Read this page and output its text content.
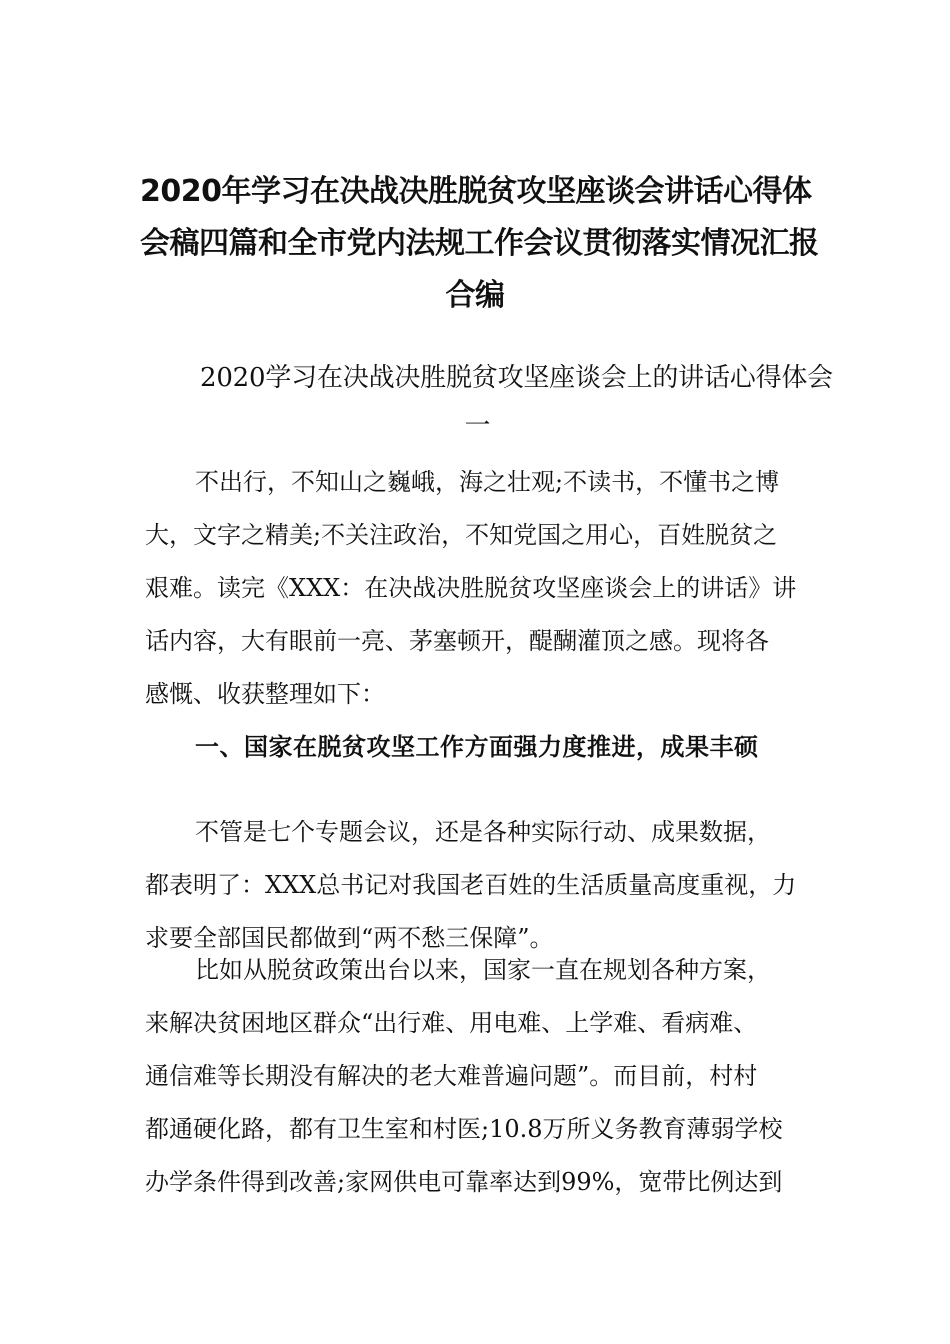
2020年学习在决战决胜脱贫攻坚座谈会讲话心得体
会稿四篇和全市党内法规工作会议贯彻落实情况汇报
合编
2020学习在决战决胜脱贫攻坚座谈会上的讲话心得体会
一
不出行，不知山之巍峨，海之壮观;不读书，不懂书之博
大，文字之精美;不关注政治，不知党国之用心，百姓脱贫之
艰难。读完《XXX：在决战决胜脱贫攻坚座谈会上的讲话》讲
话内容，大有眼前一亮、茅塞顿开，醍醐灌顶之感。现将各
感慨、收获整理如下：
一、国家在脱贫攻坚工作方面强力度推进，成果丰硕
不管是七个专题会议，还是各种实际行动、成果数据，
都表明了：XXX总书记对我国老百姓的生活质量高度重视，力
求要全部国民都做到“两不愁三保障”。
比如从脱贫政策出台以来，国家一直在规划各种方案，
来解决贫困地区群众“出行难、用电难、上学难、看病难、
通信难等长期没有解决的老大难普遍问题”。而目前，村村
都通硬化路，都有卫生室和村医;10.8万所义务教育薄弱学校
办学条件得到改善;家网供电可靠率达到99%，宽带比例达到
